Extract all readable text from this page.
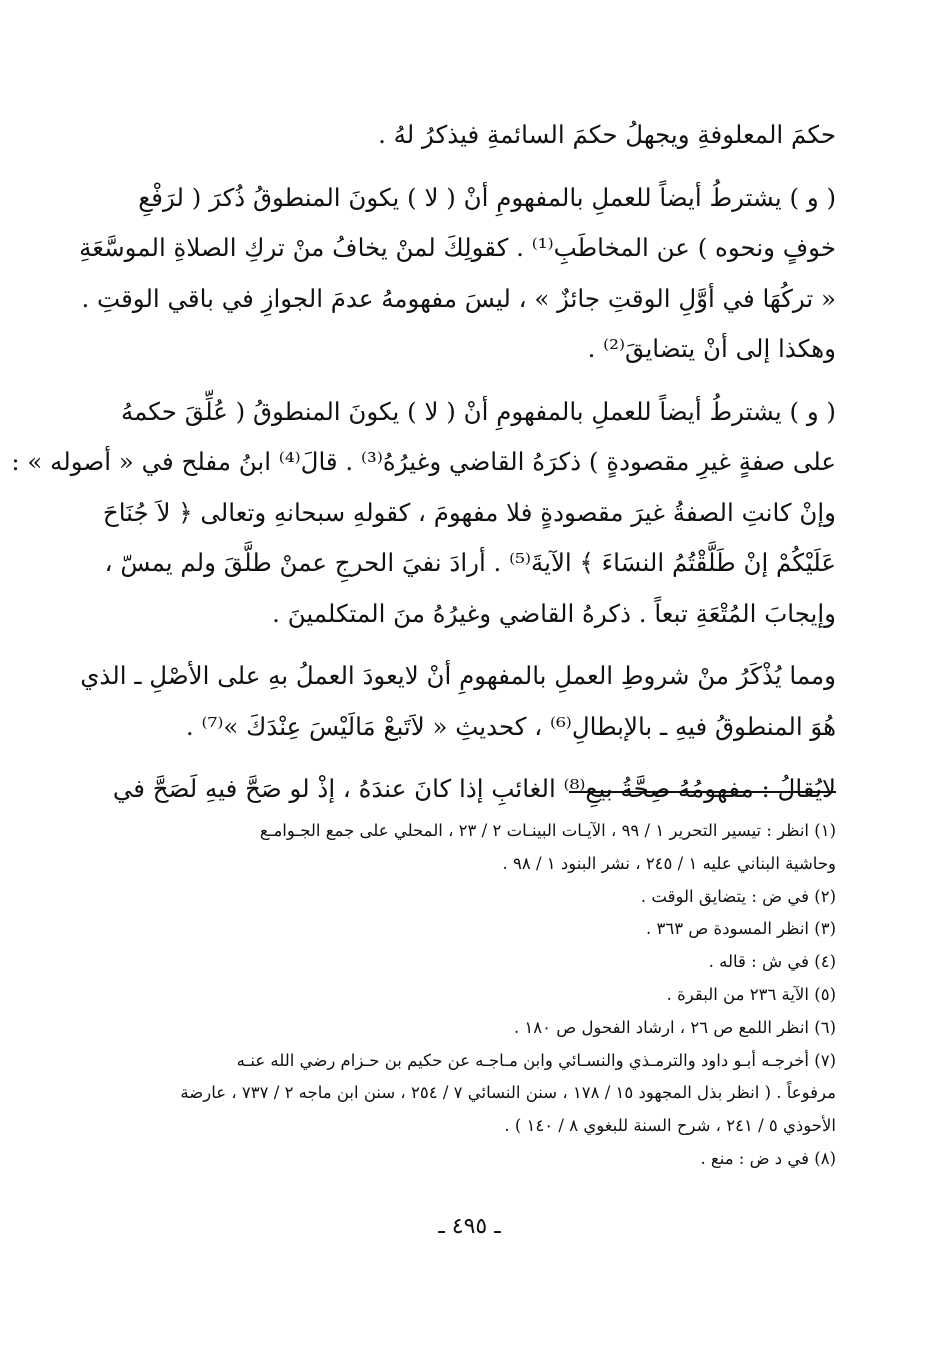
حكمَ المعلوفةِ ويجهلُ حكمَ السائمةِ فيذكرُ لهُ .

( و ) يشترطُ أيضاً للعملِ بالمفهومِ أنْ ( لا ) يكونَ المنطوقُ ذُكرَ ( لرَفْعِ
خوفٍ ونحوه ) عن المخاطَبِ⁽¹⁾ . كقولِكَ لمنْ يخافُ منْ تركِ الصلاةِ الموسَّعَةِ
« تركُهَا في أوَّلِ الوقتِ جائزٌ » ، ليسَ مفهومهُ عدمَ الجوازِ في باقي الوقتِ .
وهكذا إلى أنْ يتضايقَ⁽²⁾ .

( و ) يشترطُ أيضاً للعملِ بالمفهومِ أنْ ( لا ) يكونَ المنطوقُ ( عُلِّقَ حكمهُ
على صفةٍ غيرِ مقصودةٍ ) ذكرَهُ القاضي وغيرُهُ⁽³⁾ . قالَ⁽⁴⁾ ابنُ مفلح في « أصوله » :
وإنْ كانتِ الصفةُ غيرَ مقصودةٍ فلا مفهومَ ، كقولهِ سبحانهِ وتعالى ﴿ لاَ جُنَاحَ
عَلَيْكُمْ إنْ طَلَّقْتُمُ النسَاءَ ﴾ الآيةَ⁽⁵⁾ . أرادَ نفيَ الحرجِ عمنْ طلَّقَ ولم يمسّ ،
وإيجابَ المُتْعَةِ تبعاً . ذكرهُ القاضي وغيرُهُ منَ المتكلمينَ .

ومما يُذْكَرُ منْ شروطِ العملِ بالمفهومِ أنْ لايعودَ العملُ بهِ على الأصْلِ ـ الذي
هُوَ المنطوقُ فيهِ ـ بالإبطالِ⁽⁶⁾ ، كحديثِ « لاَتَبعْ مَالَيْسَ عِنْدَكَ »⁽⁷⁾ .

لايُقالُ : مفهومُهُ صِحَّةُ بيعِ⁽⁸⁾ الغائبِ إذا كانَ عندَهُ ، إذْ لو صَحَّ فيهِ لَصَحَّ في

(١) انظر : تيسير التحرير ١ / ٩٩ ، الآيـات البينـات ٢ / ٢٣ ، المحلي على جمع الجـوامـع
وحاشية البناني عليه ١ / ٢٤٥ ، نشر البنود ١ / ٩٨ .
(٢) في ض : يتضايق الوقت .
(٣) انظر المسودة ص ٣٦٣ .
(٤) في ش : قاله .
(٥) الآية ٢٣٦ من البقرة .
(٦) انظر اللمع ص ٢٦ ، ارشاد الفحول ص ١٨٠ .
(٧) أخرجـه أبـو داود والترمـذي والنسـائي وابن مـاجـه عن حكيم بن حـزام رضي الله عنـه
مرفوعاً . ( انظر بذل المجهود ١٥ / ١٧٨ ، سنن النسائي ٧ / ٢٥٤ ، سنن ابن ماجه ٢ / ٧٣٧ ، عارضة
الأحوذي ٥ / ٢٤١ ، شرح السنة للبغوي ٨ / ١٤٠ ) .
(٨) في د ض : منع .
ـ ٤٩٥ ـ
